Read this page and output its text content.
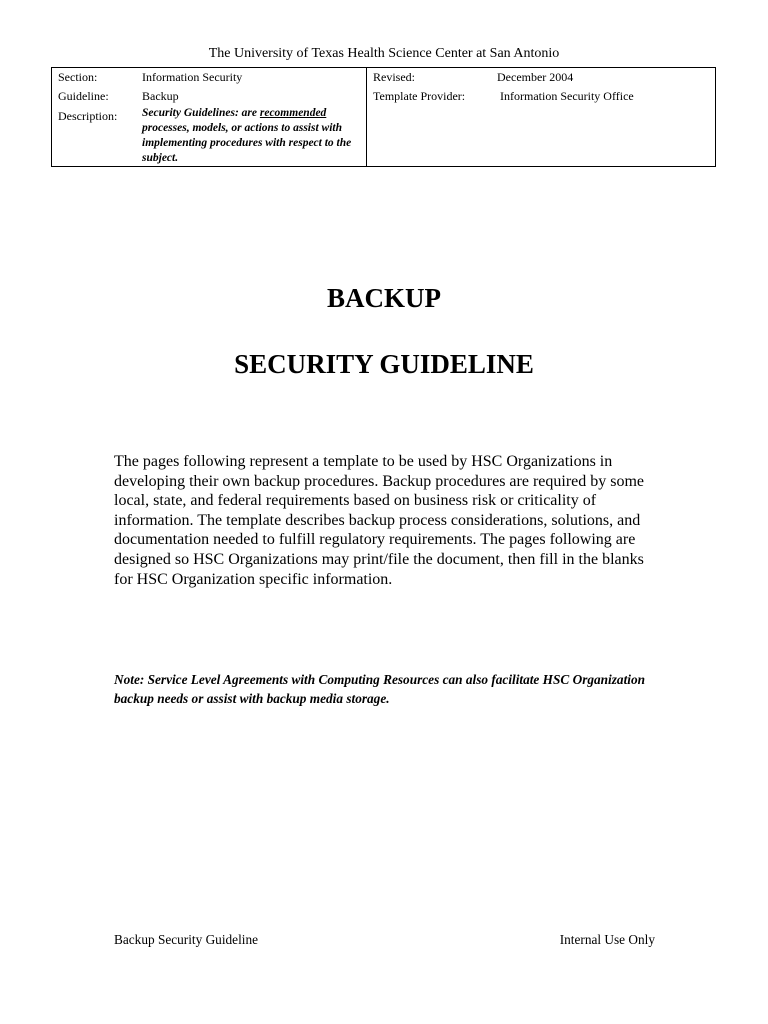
The University of Texas Health Science Center at San Antonio
Section:	Information Security
Guideline:	Backup
Description: Security Guidelines: are recommended processes, models, or actions to assist with implementing procedures with respect to the subject.
Revised:	December 2004
Template Provider:	Information Security Office
BACKUP
SECURITY GUIDELINE

The pages following represent a template to be used by HSC Organizations in developing their own backup procedures. Backup procedures are required by some local, state, and federal requirements based on business risk or criticality of information. The template describes backup process considerations, solutions, and documentation needed to fulfill regulatory requirements. The pages following are designed so HSC Organizations may print/file the document, then fill in the blanks for HSC Organization specific information.

Note: Service Level Agreements with Computing Resources can also facilitate HSC Organization backup needs or assist with backup media storage.

Backup Security Guideline	Internal Use Only
